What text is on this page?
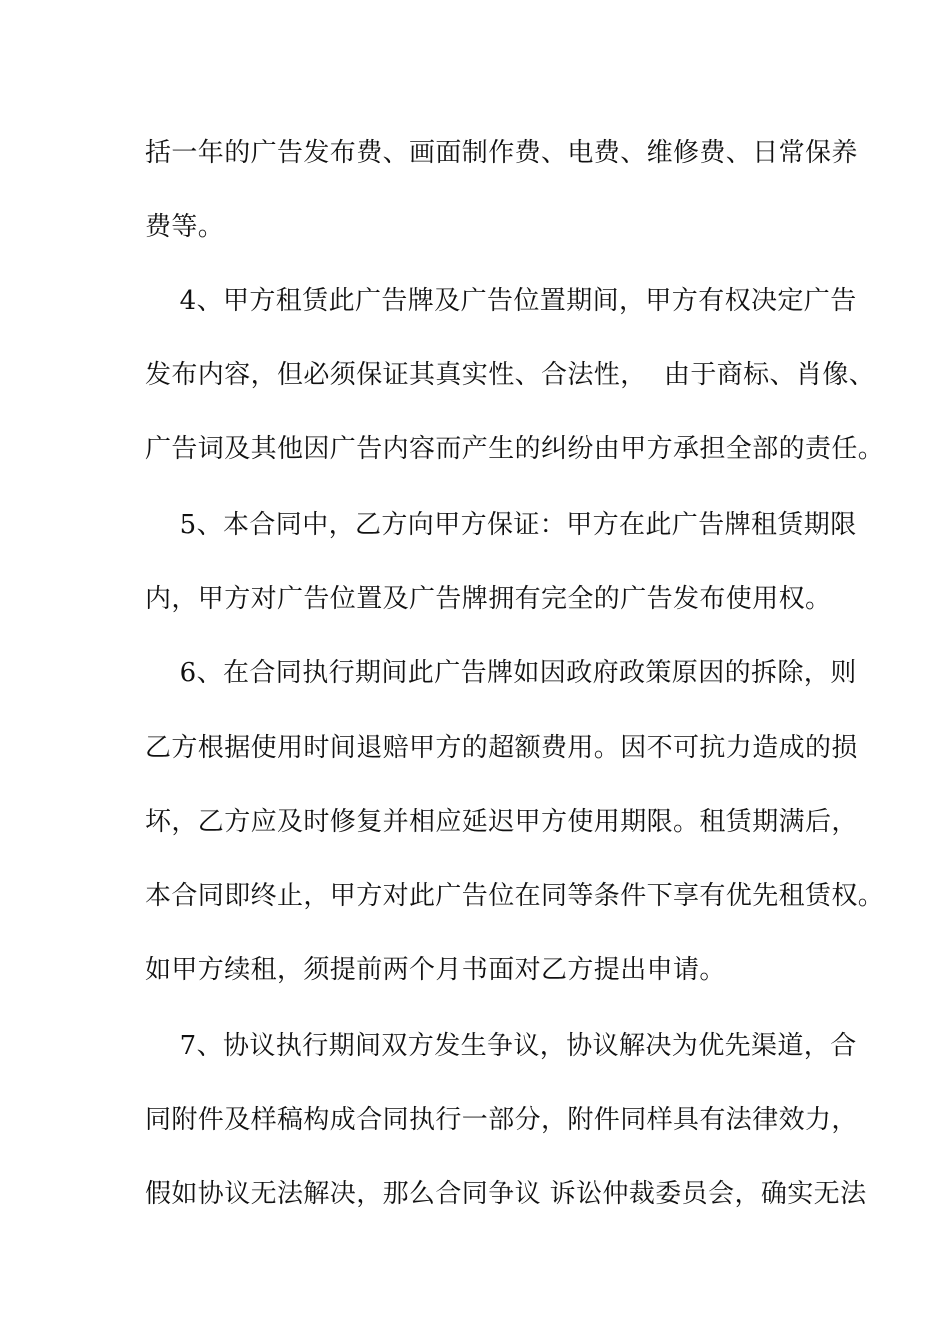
括一年的广告发布费、画面制作费、电费、维修费、日常保养
费等。
4、甲方租赁此广告牌及广告位置期间，甲方有权决定广告
发布内容，但必须保证其真实性、合法性，  由于商标、肖像、
广告词及其他因广告内容而产生的纠纷由甲方承担全部的责任。
5、本合同中，乙方向甲方保证：甲方在此广告牌租赁期限
内，甲方对广告位置及广告牌拥有完全的广告发布使用权。
6、在合同执行期间此广告牌如因政府政策原因的拆除，则
乙方根据使用时间退赔甲方的超额费用。因不可抗力造成的损
坏，乙方应及时修复并相应延迟甲方使用期限。租赁期满后，
本合同即终止，甲方对此广告位在同等条件下享有优先租赁权。
如甲方续租，须提前两个月书面对乙方提出申请。
7、协议执行期间双方发生争议，协议解决为优先渠道，合
同附件及样稿构成合同执行一部分，附件同样具有法律效力，
假如协议无法解决，那么合同争议 诉讼仲裁委员会，确实无法
